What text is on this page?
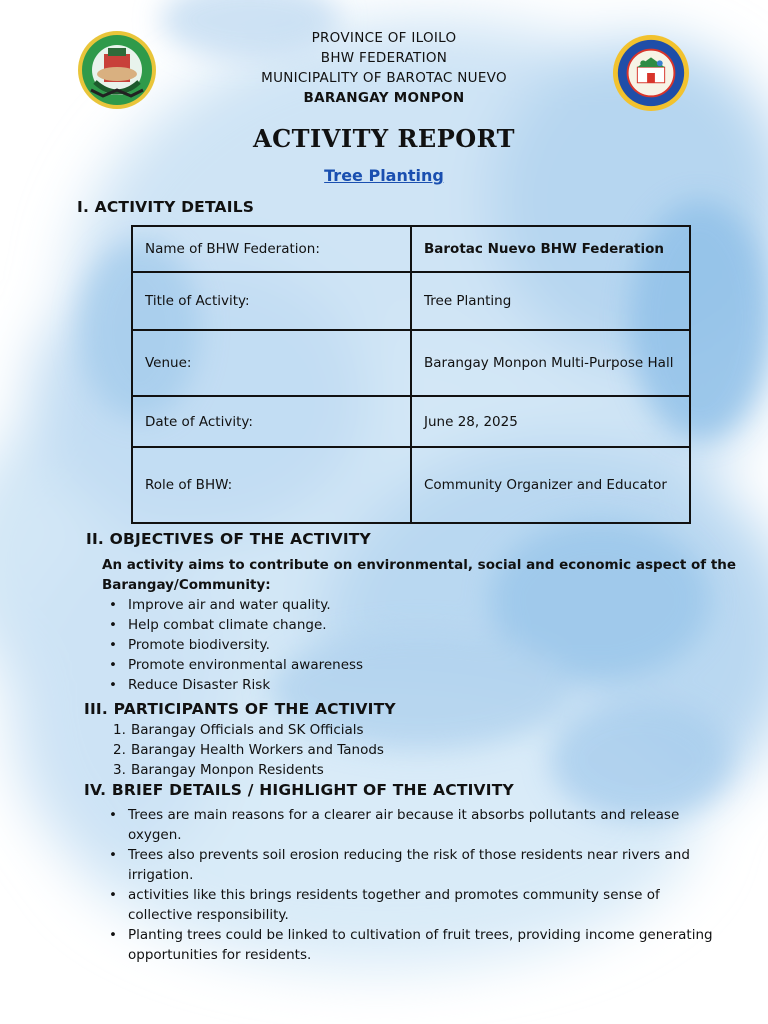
PROVINCE OF ILOILO
BHW FEDERATION
MUNICIPALITY OF BAROTAC NUEVO
BARANGAY MONPON
ACTIVITY REPORT
Tree Planting
I. ACTIVITY DETAILS
Name of BHW Federation:	Barotac Nuevo BHW Federation
Title of Activity:	Tree Planting
Venue:	Barangay Monpon Multi-Purpose Hall
Date of Activity:	June 28, 2025
Role of BHW:	Community Organizer and Educator
II. OBJECTIVES OF THE ACTIVITY
An activity aims to contribute on environmental, social and economic aspect of the Barangay/Community:
• Improve air and water quality.
• Help combat climate change.
• Promote biodiversity.
• Promote environmental awareness
• Reduce Disaster Risk
III. PARTICIPANTS OF THE ACTIVITY
1. Barangay Officials and SK Officials
2. Barangay Health Workers and Tanods
3. Barangay Monpon Residents
IV. BRIEF DETAILS / HIGHLIGHT OF THE ACTIVITY
• Trees are main reasons for a clearer air because it absorbs pollutants and release oxygen.
• Trees also prevents soil erosion reducing the risk of those residents near rivers and irrigation.
• activities like this brings residents together and promotes community sense of collective responsibility.
• Planting trees could be linked to cultivation of fruit trees, providing income generating opportunities for residents.
